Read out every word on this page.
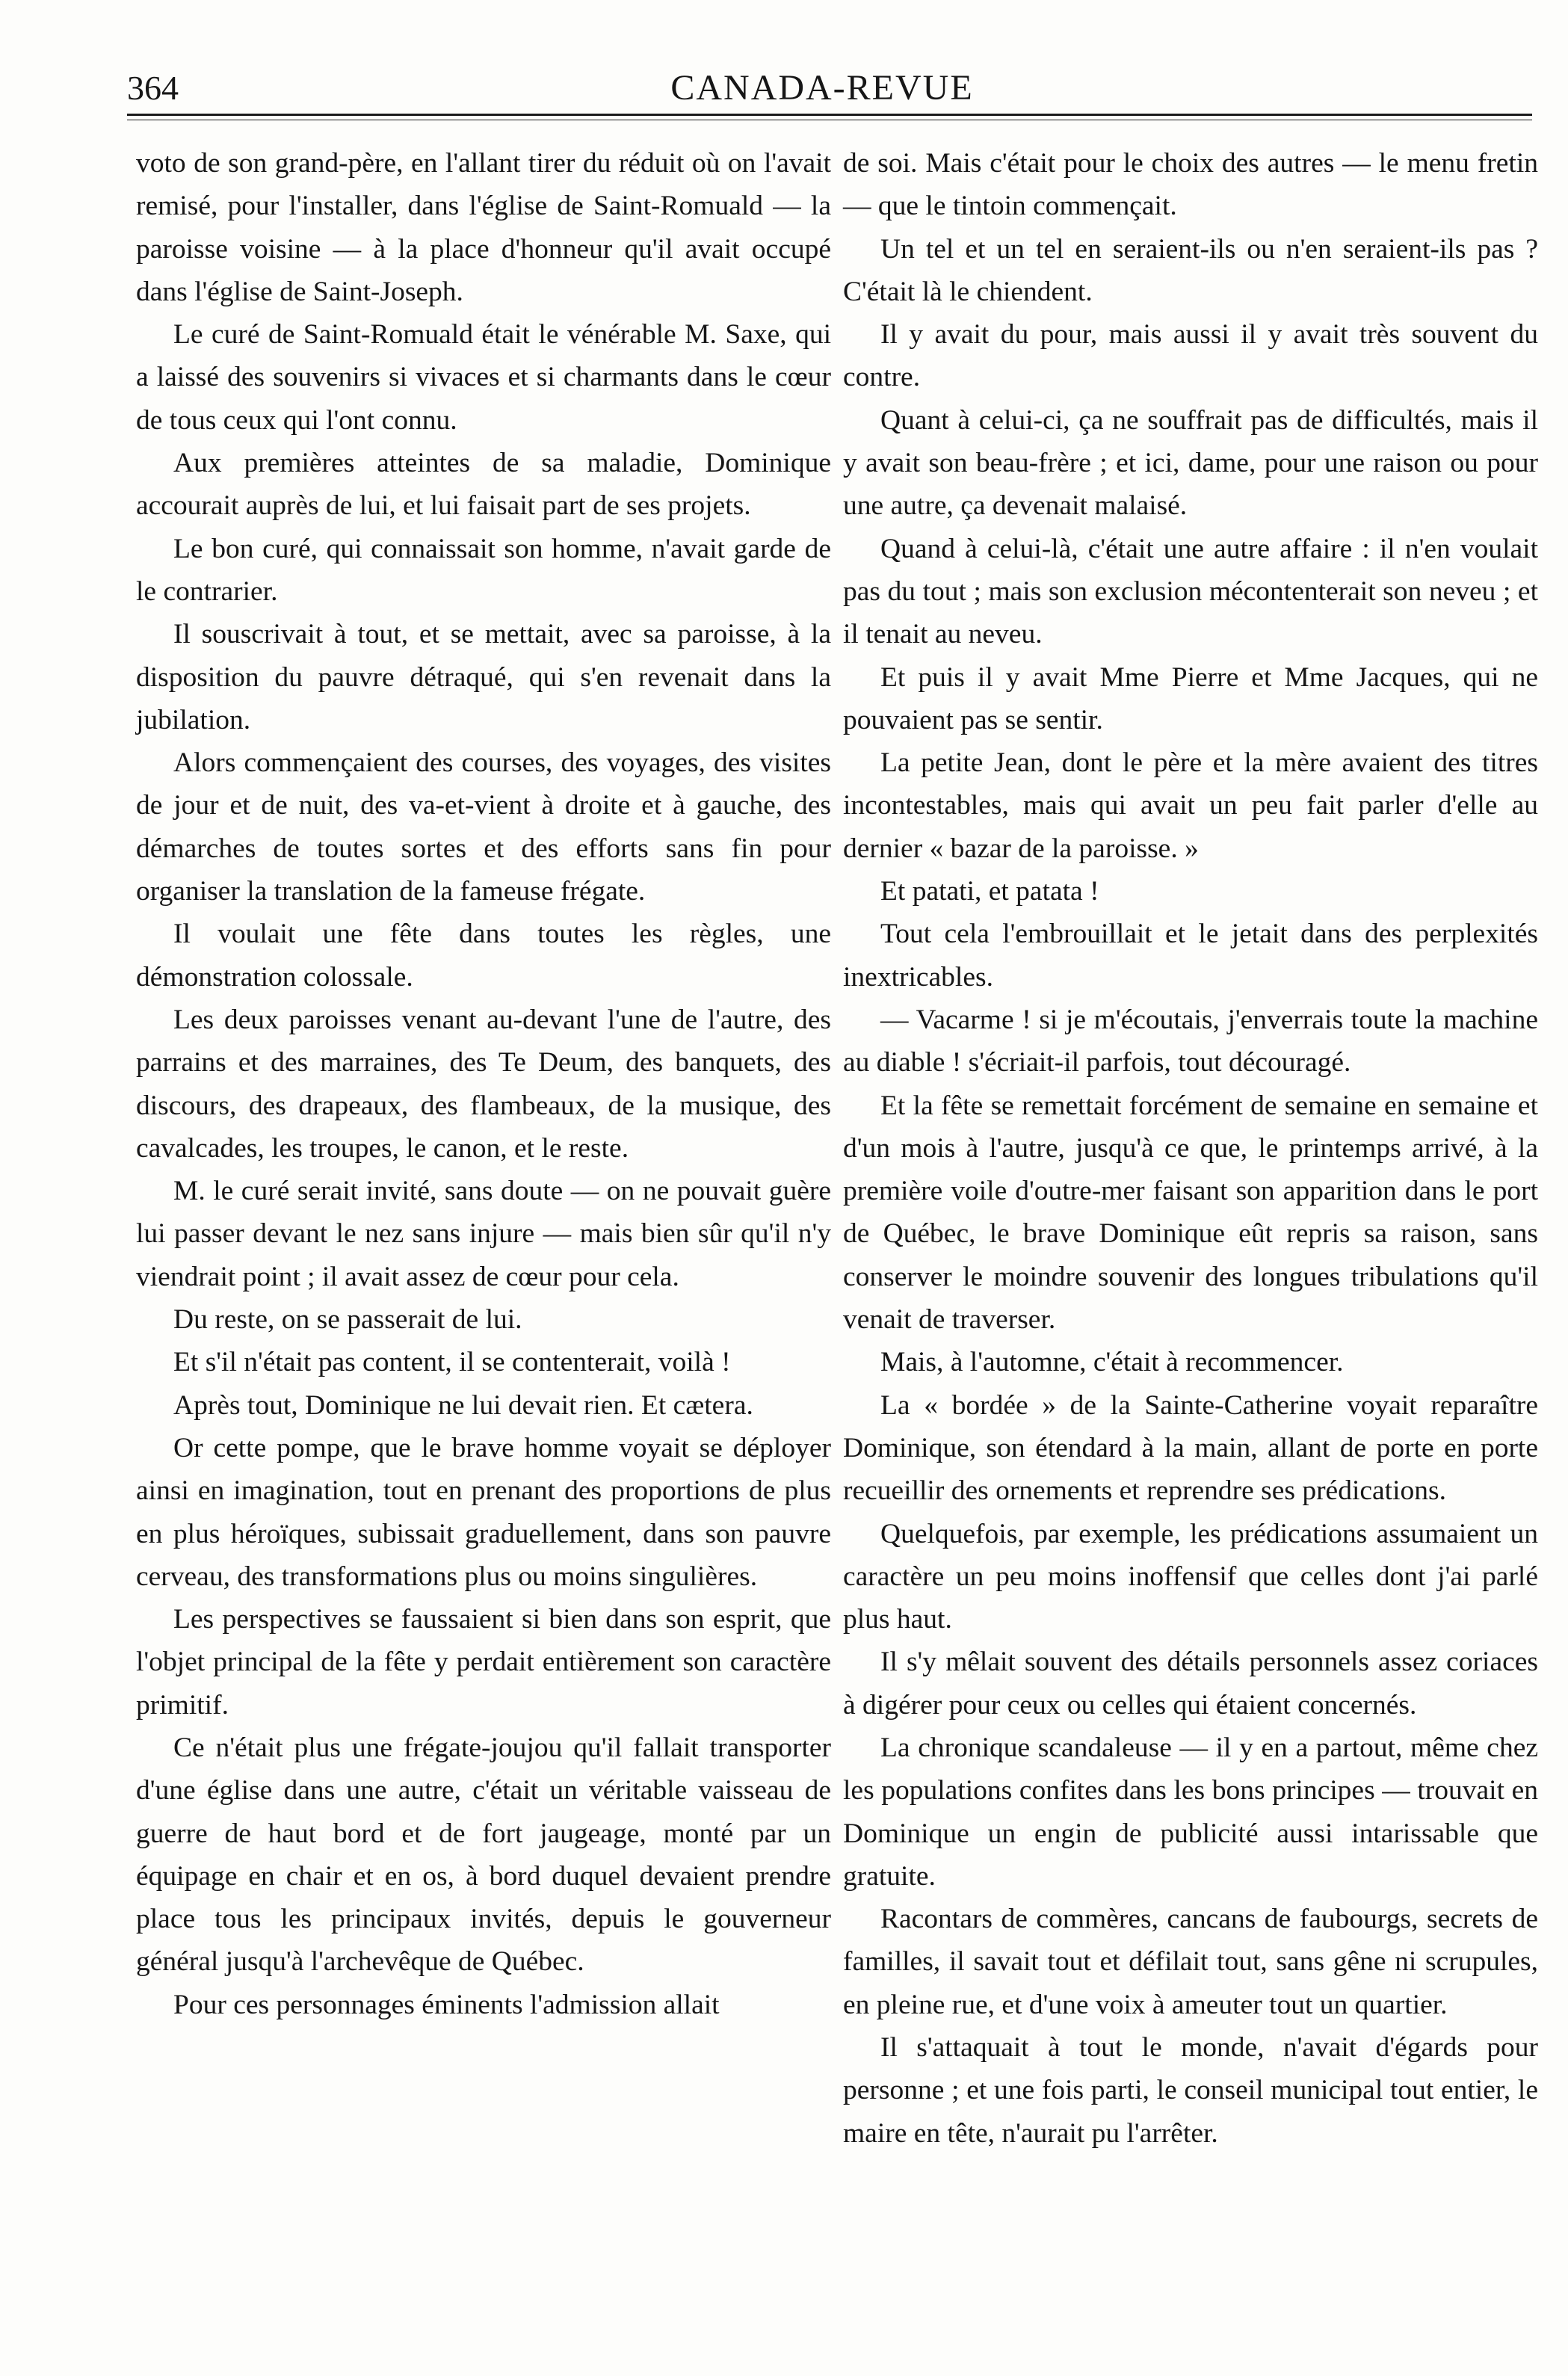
364	CANADA-REVUE

voto de son grand-père, en l'allant tirer du réduit où on l'avait remisé, pour l'installer, dans l'église de Saint-Romuald — la paroisse voisine — à la place d'honneur qu'il avait occupé dans l'église de Saint-Joseph.

Le curé de Saint-Romuald était le vénérable M. Saxe, qui a laissé des souvenirs si vivaces et si charmants dans le cœur de tous ceux qui l'ont connu.

Aux premières atteintes de sa maladie, Dominique accourait auprès de lui, et lui faisait part de ses projets.

Le bon curé, qui connaissait son homme, n'avait garde de le contrarier.

Il souscrivait à tout, et se mettait, avec sa paroisse, à la disposition du pauvre détraqué, qui s'en revenait dans la jubilation.

Alors commençaient des courses, des voyages, des visites de jour et de nuit, des va-et-vient à droite et à gauche, des démarches de toutes sortes et des efforts sans fin pour organiser la translation de la fameuse frégate.

Il voulait une fête dans toutes les règles, une démonstration colossale.

Les deux paroisses venant au-devant l'une de l'autre, des parrains et des marraines, des Te Deum, des banquets, des discours, des drapeaux, des flambeaux, de la musique, des cavalcades, les troupes, le canon, et le reste.

M. le curé serait invité, sans doute — on ne pouvait guère lui passer devant le nez sans injure — mais bien sûr qu'il n'y viendrait point ; il avait assez de cœur pour cela.

Du reste, on se passerait de lui.

Et s'il n'était pas content, il se contenterait, voilà !

Après tout, Dominique ne lui devait rien. Et cætera.

Or cette pompe, que le brave homme voyait se déployer ainsi en imagination, tout en prenant des proportions de plus en plus héroïques, subissait graduellement, dans son pauvre cerveau, des transformations plus ou moins singulières.

Les perspectives se faussaient si bien dans son esprit, que l'objet principal de la fête y perdait entièrement son caractère primitif.

Ce n'était plus une frégate-joujou qu'il fallait transporter d'une église dans une autre, c'était un véritable vaisseau de guerre de haut bord et de fort jaugeage, monté par un équipage en chair et en os, à bord duquel devaient prendre place tous les principaux invités, depuis le gouverneur général jusqu'à l'archevêque de Québec.

Pour ces personnages éminents l'admission allait

de soi. Mais c'était pour le choix des autres — le menu fretin — que le tintoin commençait.

Un tel et un tel en seraient-ils ou n'en seraient-ils pas ? C'était là le chiendent.

Il y avait du pour, mais aussi il y avait très souvent du contre.

Quant à celui-ci, ça ne souffrait pas de difficultés, mais il y avait son beau-frère ; et ici, dame, pour une raison ou pour une autre, ça devenait malaisé.

Quand à celui-là, c'était une autre affaire : il n'en voulait pas du tout ; mais son exclusion mécontenterait son neveu ; et il tenait au neveu.

Et puis il y avait Mme Pierre et Mme Jacques, qui ne pouvaient pas se sentir.

La petite Jean, dont le père et la mère avaient des titres incontestables, mais qui avait un peu fait parler d'elle au dernier « bazar de la paroisse. »

Et patati, et patata !

Tout cela l'embrouillait et le jetait dans des perplexités inextricables.

— Vacarme ! si je m'écoutais, j'enverrais toute la machine au diable ! s'écriait-il parfois, tout découragé.

Et la fête se remettait forcément de semaine en semaine et d'un mois à l'autre, jusqu'à ce que, le printemps arrivé, à la première voile d'outre-mer faisant son apparition dans le port de Québec, le brave Dominique eût repris sa raison, sans conserver le moindre souvenir des longues tribulations qu'il venait de traverser.

Mais, à l'automne, c'était à recommencer.

La « bordée » de la Sainte-Catherine voyait reparaître Dominique, son étendard à la main, allant de porte en porte recueillir des ornements et reprendre ses prédications.

Quelquefois, par exemple, les prédications assumaient un caractère un peu moins inoffensif que celles dont j'ai parlé plus haut.

Il s'y mêlait souvent des détails personnels assez coriaces à digérer pour ceux ou celles qui étaient concernés.

La chronique scandaleuse — il y en a partout, même chez les populations confites dans les bons principes — trouvait en Dominique un engin de publicité aussi intarissable que gratuite.

Racontars de commères, cancans de faubourgs, secrets de familles, il savait tout et défilait tout, sans gêne ni scrupules, en pleine rue, et d'une voix à ameuter tout un quartier.

Il s'attaquait à tout le monde, n'avait d'égards pour personne ; et une fois parti, le conseil municipal tout entier, le maire en tête, n'aurait pu l'arrêter.
